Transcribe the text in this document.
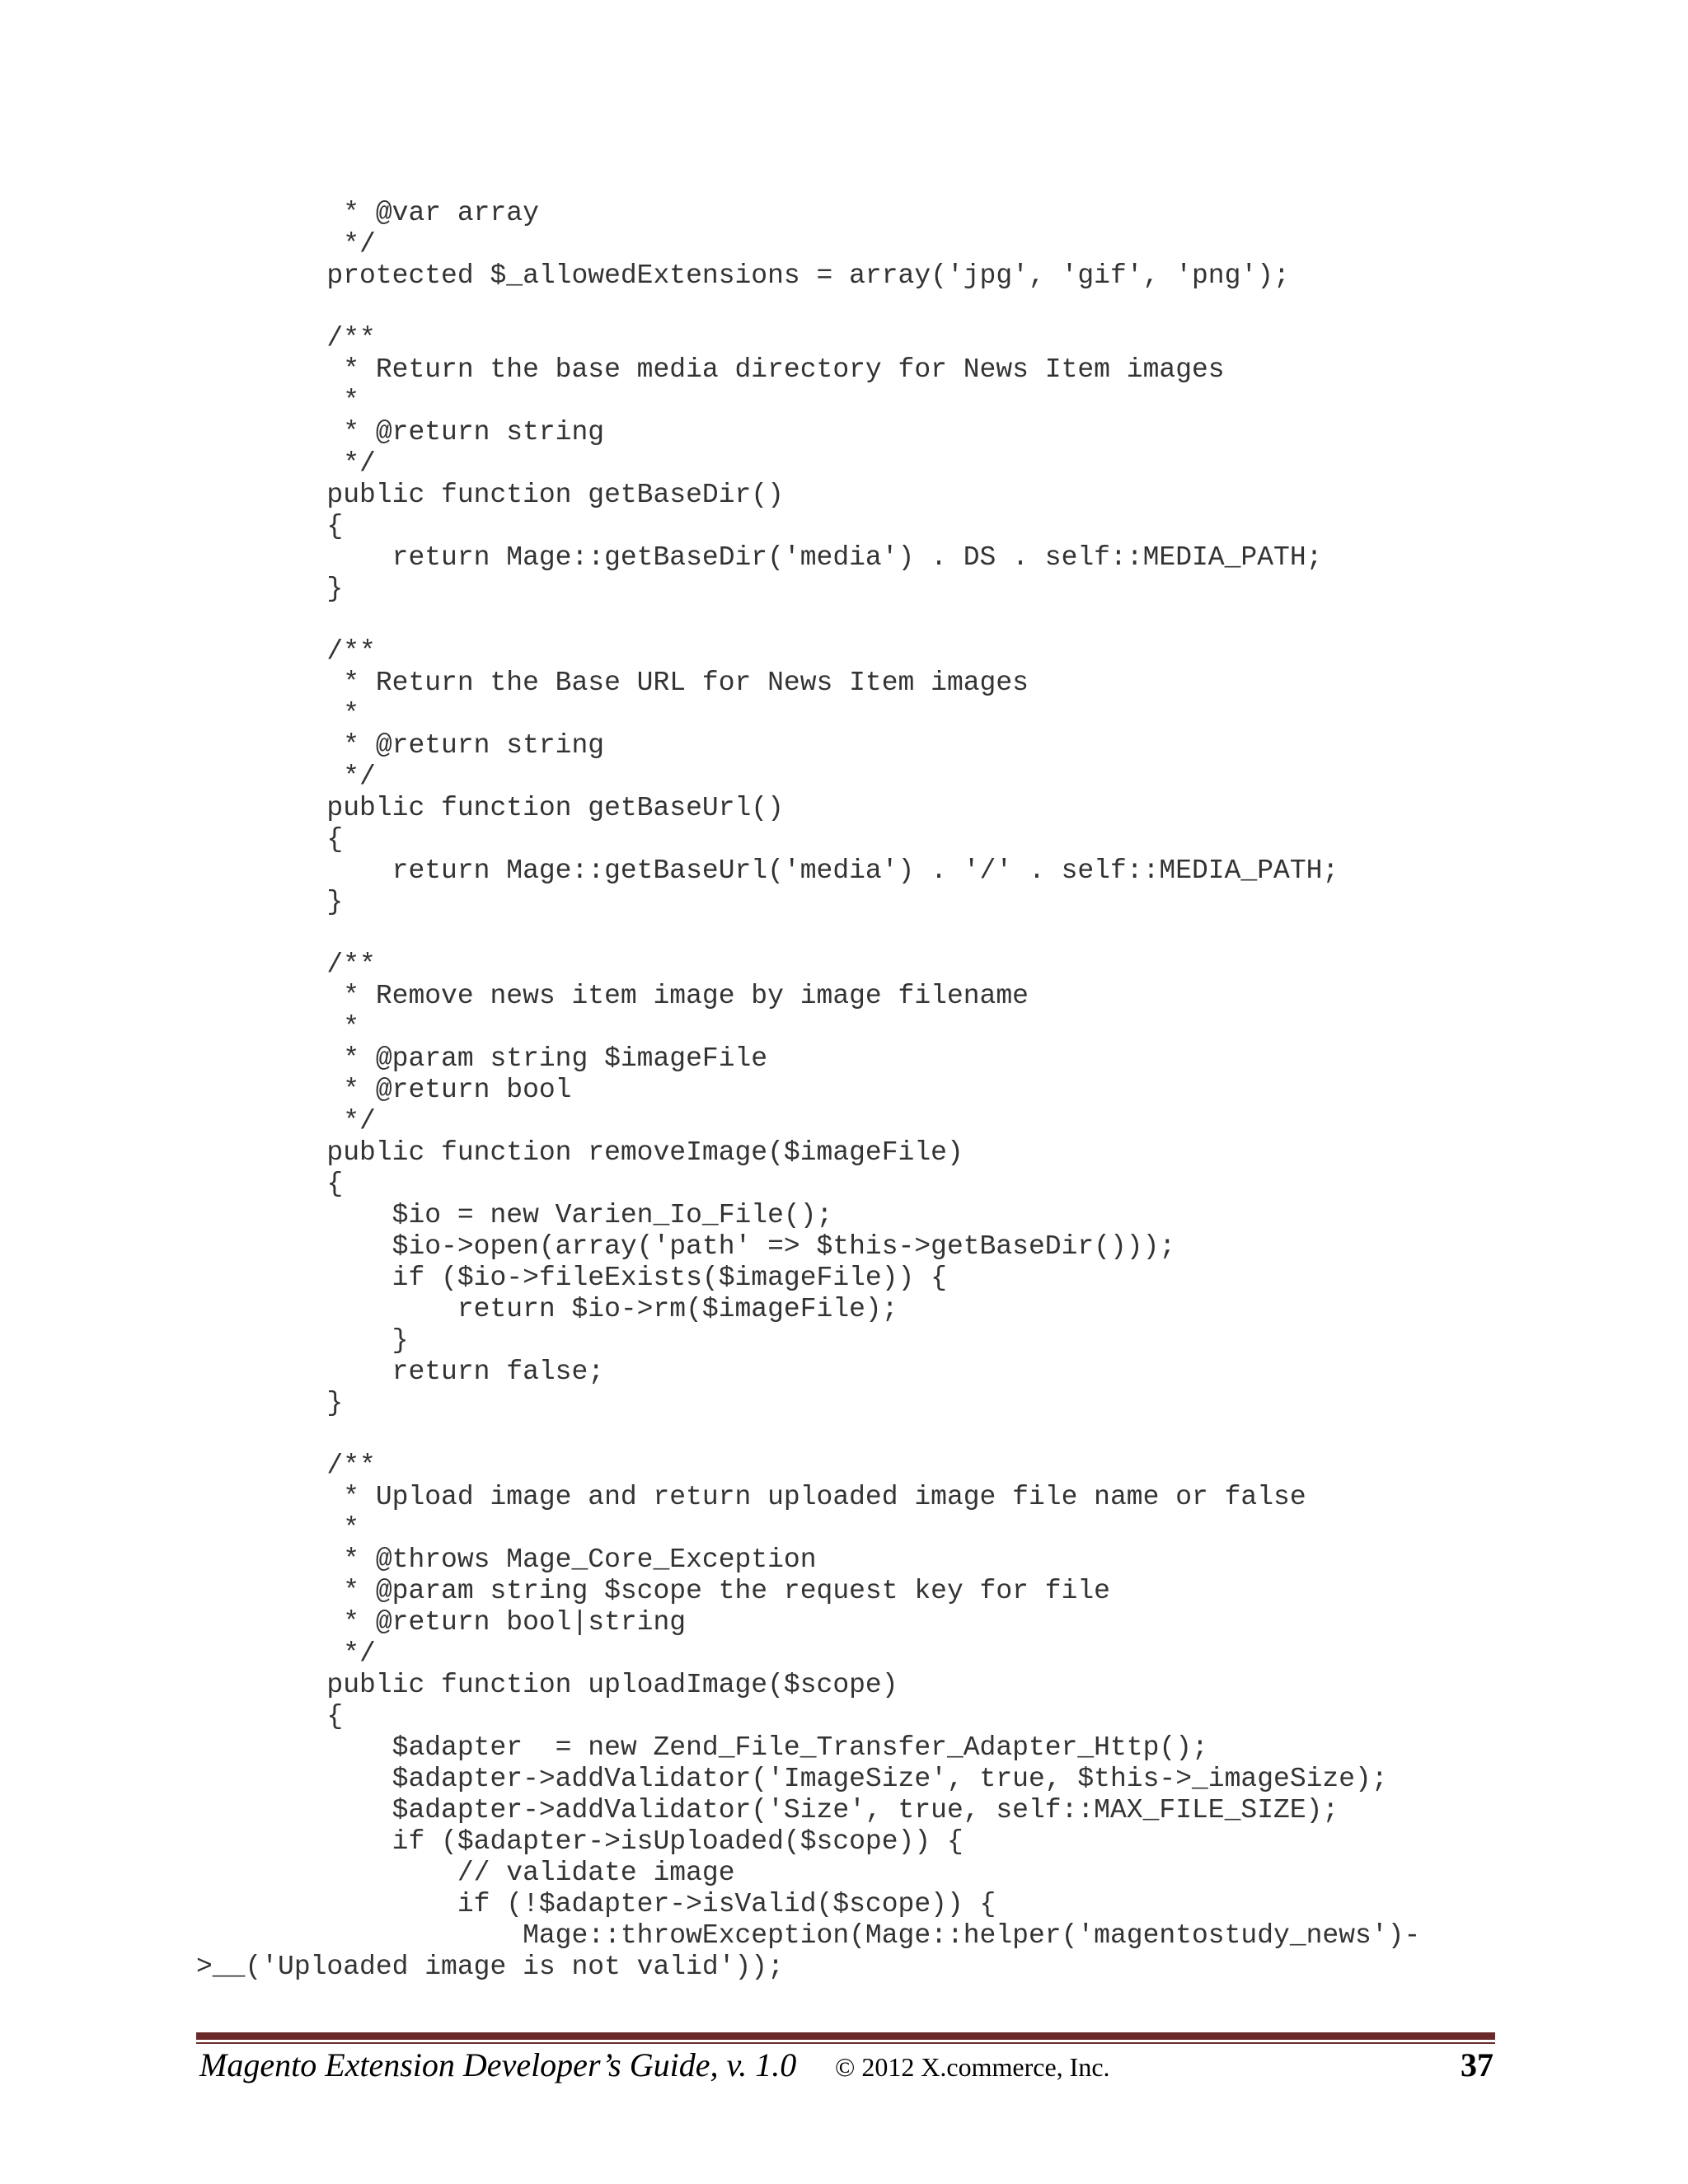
* @var array
*/
protected $_allowedExtensions = array('jpg', 'gif', 'png');
/**
* Return the base media directory for News Item images
*
* @return string
*/
public function getBaseDir()
{
return Mage::getBaseDir('media') . DS . self::MEDIA_PATH;
}
/**
* Return the Base URL for News Item images
*
* @return string
*/
public function getBaseUrl()
{
return Mage::getBaseUrl('media') . '/' . self::MEDIA_PATH;
}
/**
* Remove news item image by image filename
*
* @param string $imageFile
* @return bool
*/
public function removeImage($imageFile)
{
$io = new Varien_Io_File();
$io->open(array('path' => $this->getBaseDir()));
if ($io->fileExists($imageFile)) {
return $io->rm($imageFile);
}
return false;
}
/**
* Upload image and return uploaded image file name or false
*
* @throws Mage_Core_Exception
* @param string $scope the request key for file
* @return bool|string
*/
public function uploadImage($scope)
{
$adapter  = new Zend_File_Transfer_Adapter_Http();
$adapter->addValidator('ImageSize', true, $this->_imageSize);
$adapter->addValidator('Size', true, self::MAX_FILE_SIZE);
if ($adapter->isUploaded($scope)) {
// validate image
if (!$adapter->isValid($scope)) {
Mage::throwException(Mage::helper('magentostudy_news')-
>__('Uploaded image is not valid'));
Magento Extension Developer’s Guide, v. 1.0 © 2012 X.commerce, Inc.	37
